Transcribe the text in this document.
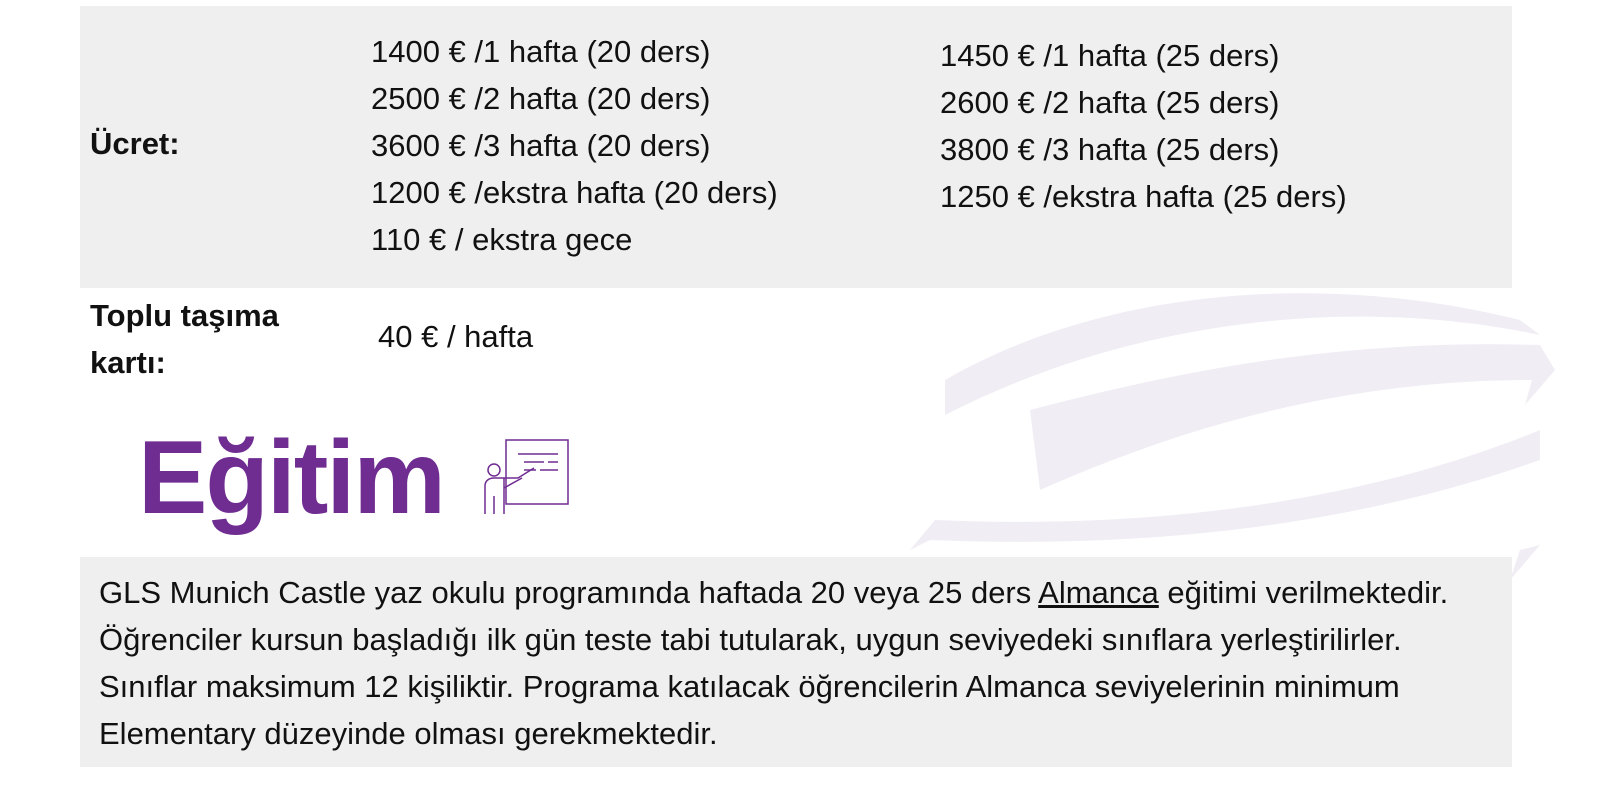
Ücret:
1400 € /1 hafta (20 ders)
2500 € /2 hafta (20 ders)
3600 € /3 hafta (20 ders)
1200 € /ekstra hafta (20 ders)
110 € / ekstra gece
1450 € /1 hafta (25 ders)
2600 € /2 hafta (25 ders)
3800 € /3 hafta (25 ders)
1250 € /ekstra hafta (25 ders)
Toplu taşıma
kartı:
40 € / hafta
Eğitim

GLS Munich Castle yaz okulu programında haftada 20 veya 25 ders Almanca eğitimi verilmektedir. Öğrenciler kursun başladığı ilk gün teste tabi tutularak, uygun seviyedeki sınıflara yerleştirilirler. Sınıflar maksimum 12 kişiliktir. Programa katılacak öğrencilerin Almanca seviyelerinin minimum Elementary düzeyinde olması gerekmektedir.
